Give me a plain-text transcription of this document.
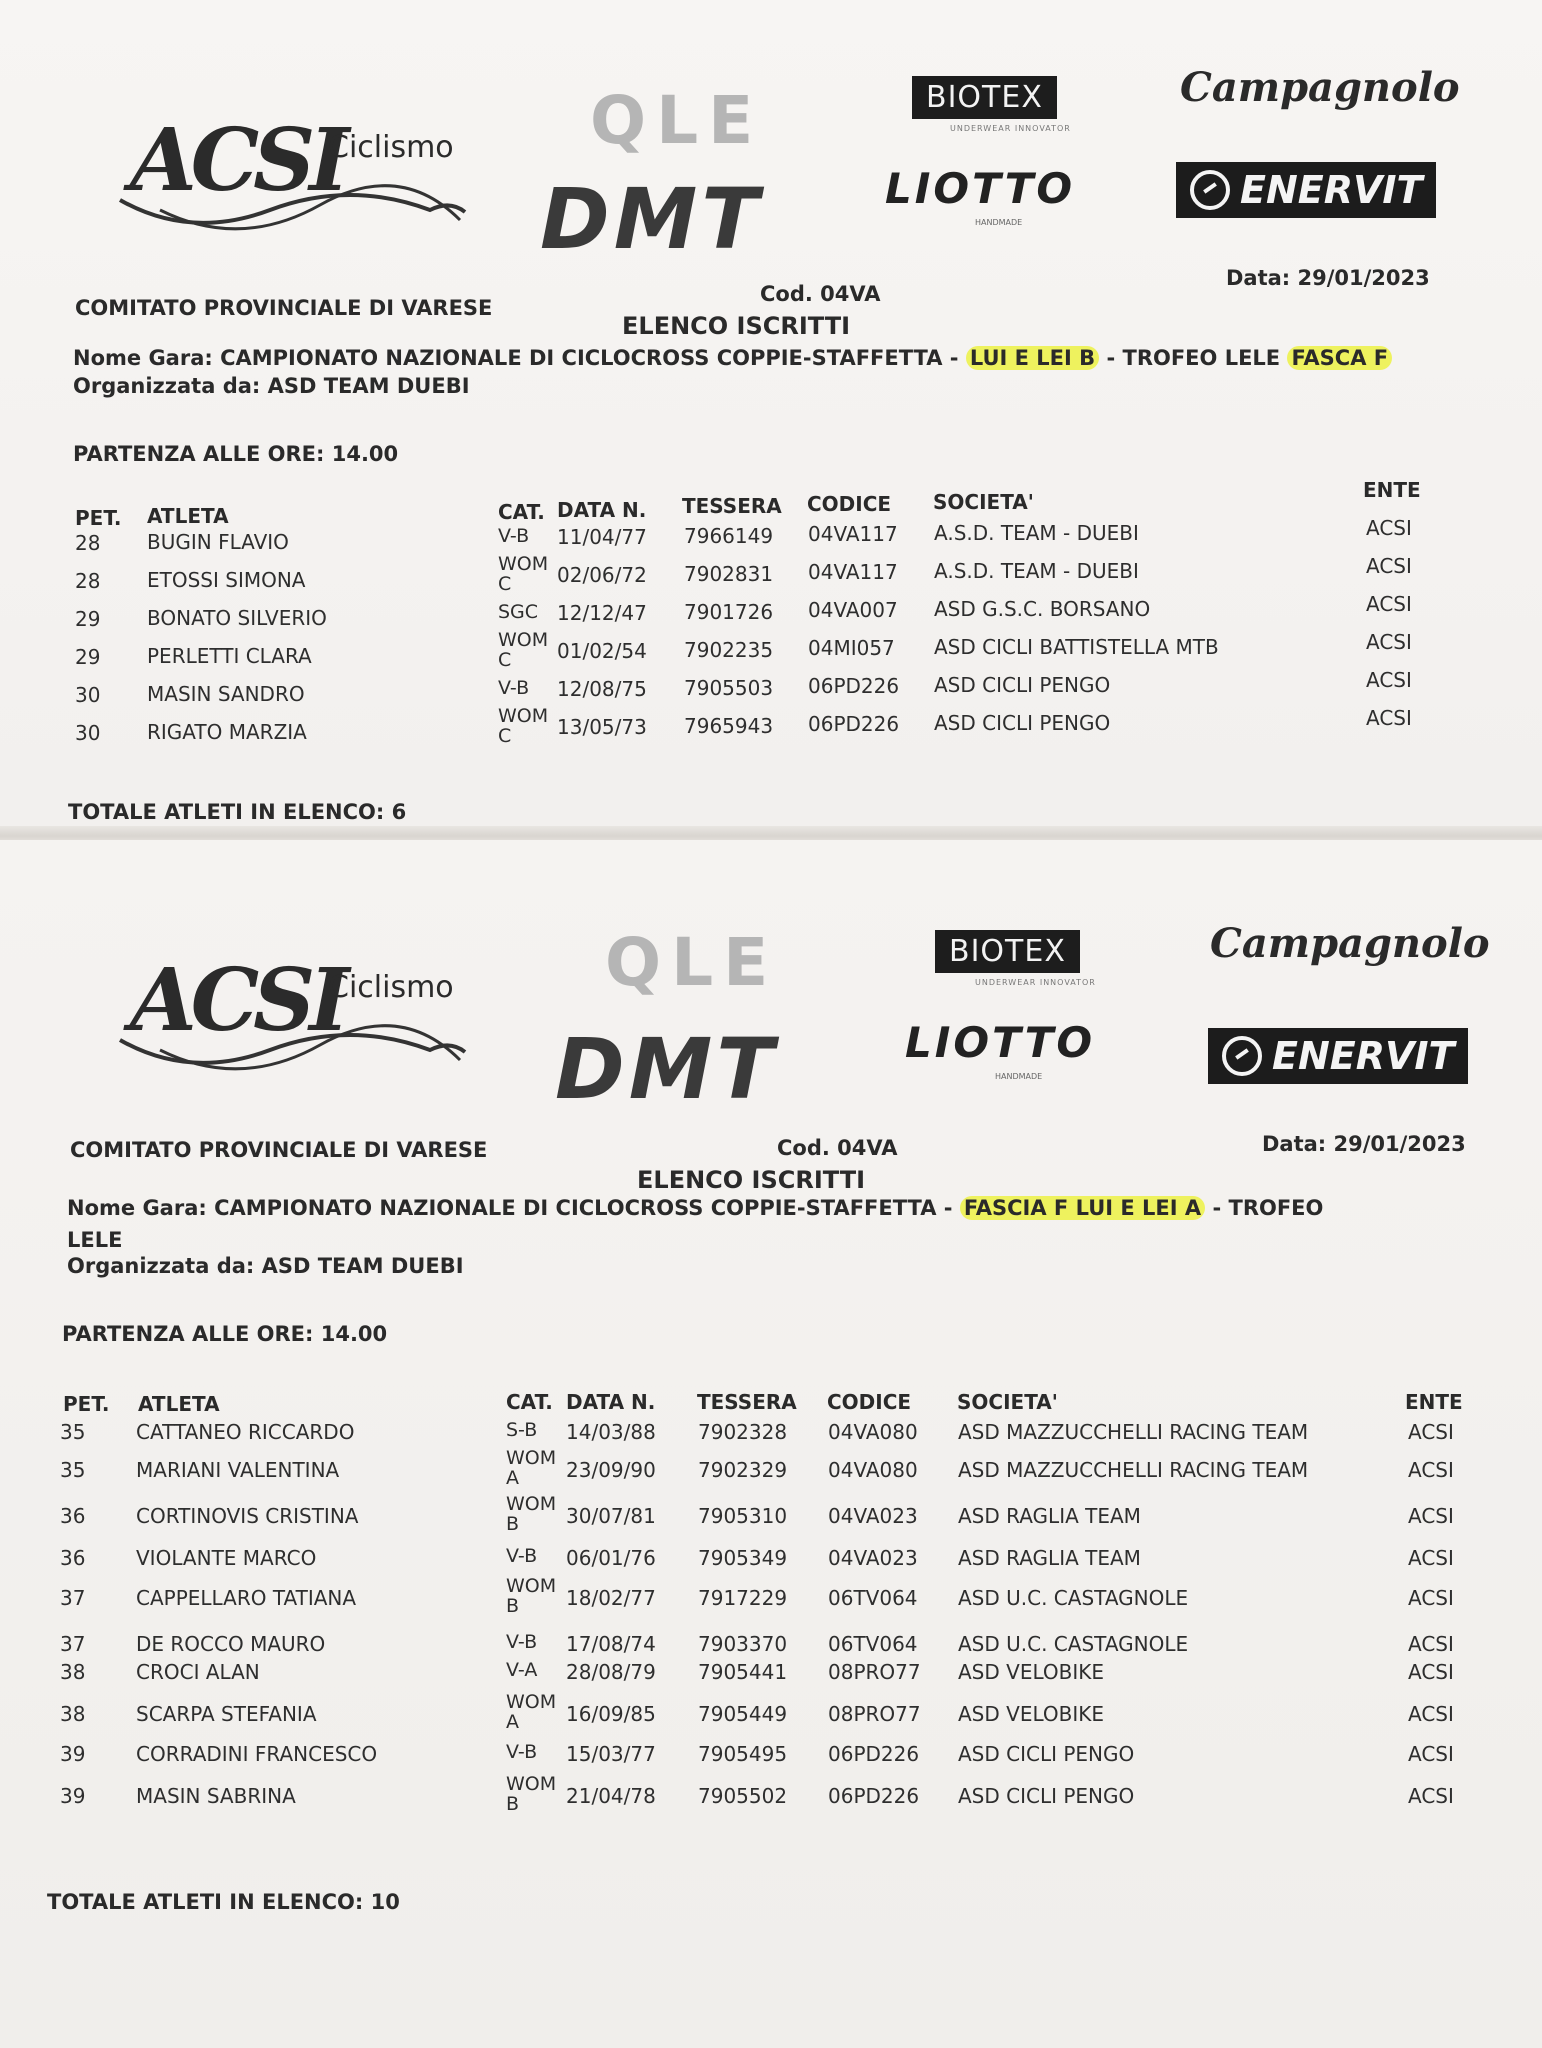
ACSI
Ciclismo QLE
DMT
BIOTEX
UNDERWEAR INNOVATOR
Campagnolo
LIOTTO
HANDMADE
ENERVIT
COMITATO PROVINCIALE DI VARESE
Cod. 04VA
Data: 29/01/2023
ELENCO ISCRITTI
Nome Gara: CAMPIONATO NAZIONALE DI CICLOCROSS COPPIE-STAFFETTA - LUI E LEI B - TROFEO LELE FASCA F
Organizzata da: ASD TEAM DUEBI
PARTENZA ALLE ORE: 14.00
PET. ATLETA	CAT. DATA N. TESSERA CODICE SOCIETA'	ENTE
28 BUGIN FLAVIO	V-B 11/04/77 7966149 04VA117 A.S.D. TEAM - DUEBI	ACSI
28 ETOSSI SIMONA
WOM
C	02/06/72 7902831 04VA117 A.S.D. TEAM - DUEBI	ACSI
29 BONATO SILVERIO	SGC 12/12/47 7901726 04VA007 ASD G.S.C. BORSANO	ACSI
29 PERLETTI CLARA
WOM
C	01/02/54 7902235 04MI057 ASD CICLI BATTISTELLA MTB	ACSI
30 MASIN SANDRO	V-B 12/08/75 7905503 06PD226 ASD CICLI PENGO	ACSI
30 RIGATO MARZIA
WOM
C	13/05/73 7965943 06PD226 ASD CICLI PENGO	ACSI
TOTALE ATLETI IN ELENCO: 6
ACSI
Ciclismo QLE
DMT
BIOTEX
UNDERWEAR INNOVATOR
Campagnolo
LIOTTO
HANDMADE	ENERVIT
COMITATO PROVINCIALE DI VARESE	Cod. 04VA	Data: 29/01/2023
ELENCO ISCRITTI
Nome Gara: CAMPIONATO NAZIONALE DI CICLOCROSS COPPIE-STAFFETTA - FASCIA F LUI E LEI A - TROFEO
LELE
Organizzata da: ASD TEAM DUEBI
PARTENZA ALLE ORE: 14.00
PET. ATLETA	CAT. DATA N. TESSERA CODICE SOCIETA'	ENTE
35	CATTANEO RICCARDO	S-B 14/03/88 7902328 04VA080 ASD MAZZUCCHELLI RACING TEAM	ACSI
35	MARIANI VALENTINA	WOM
A	23/09/90 7902329 04VA080 ASD MAZZUCCHELLI RACING TEAM	ACSI
36	CORTINOVIS CRISTINA	WOM
B	30/07/81 7905310 04VA023 ASD RAGLIA TEAM	ACSI
36	VIOLANTE MARCO	V-B 06/01/76 7905349 04VA023 ASD RAGLIA TEAM	ACSI
37	CAPPELLARO TATIANA	WOM
B	18/02/77 7917229 06TV064 ASD U.C. CASTAGNOLE	ACSI
37	DE ROCCO MAURO	V-B 17/08/74 7903370 06TV064 ASD U.C. CASTAGNOLE	ACSI
38	CROCI ALAN	V-A 28/08/79 7905441 08PRO77 ASD VELOBIKE	ACSI
38	SCARPA STEFANIA	WOM
A	16/09/85 7905449 08PRO77 ASD VELOBIKE	ACSI
39	CORRADINI FRANCESCO	V-B 15/03/77 7905495 06PD226 ASD CICLI PENGO	ACSI
39	MASIN SABRINA	WOM
B	21/04/78 7905502 06PD226 ASD CICLI PENGO	ACSI
TOTALE ATLETI IN ELENCO: 10
